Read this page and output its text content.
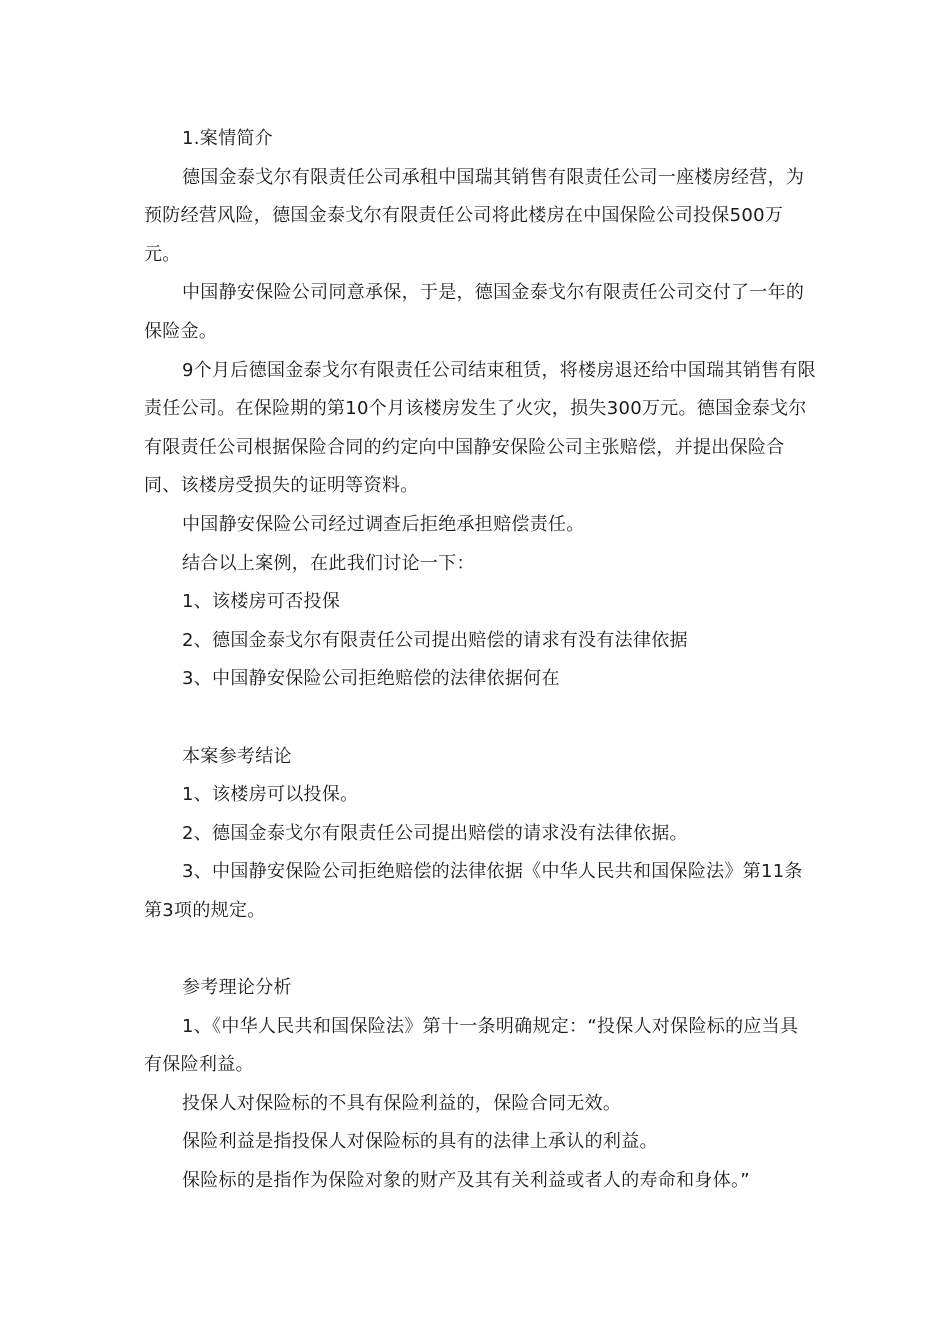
1.案情简介

德国金泰戈尔有限责任公司承租中国瑞其销售有限责任公司一座楼房经营，为预防经营风险，德国金泰戈尔有限责任公司将此楼房在中国保险公司投保500万元。

中国静安保险公司同意承保，于是，德国金泰戈尔有限责任公司交付了一年的保险金。

9个月后德国金泰戈尔有限责任公司结束租赁，将楼房退还给中国瑞其销售有限责任公司。在保险期的第10个月该楼房发生了火灾，损失300万元。德国金泰戈尔有限责任公司根据保险合同的约定向中国静安保险公司主张赔偿，并提出保险合同、该楼房受损失的证明等资料。

中国静安保险公司经过调查后拒绝承担赔偿责任。

结合以上案例，在此我们讨论一下：

1、该楼房可否投保

2、德国金泰戈尔有限责任公司提出赔偿的请求有没有法律依据

3、中国静安保险公司拒绝赔偿的法律依据何在

本案参考结论

1、该楼房可以投保。

2、德国金泰戈尔有限责任公司提出赔偿的请求没有法律依据。

3、中国静安保险公司拒绝赔偿的法律依据《中华人民共和国保险法》第11条第3项的规定。

参考理论分析

1、《中华人民共和国保险法》第十一条明确规定：“投保人对保险标的应当具有保险利益。

投保人对保险标的不具有保险利益的，保险合同无效。

保险利益是指投保人对保险标的具有的法律上承认的利益。

保险标的是指作为保险对象的财产及其有关利益或者人的寿命和身体。”
